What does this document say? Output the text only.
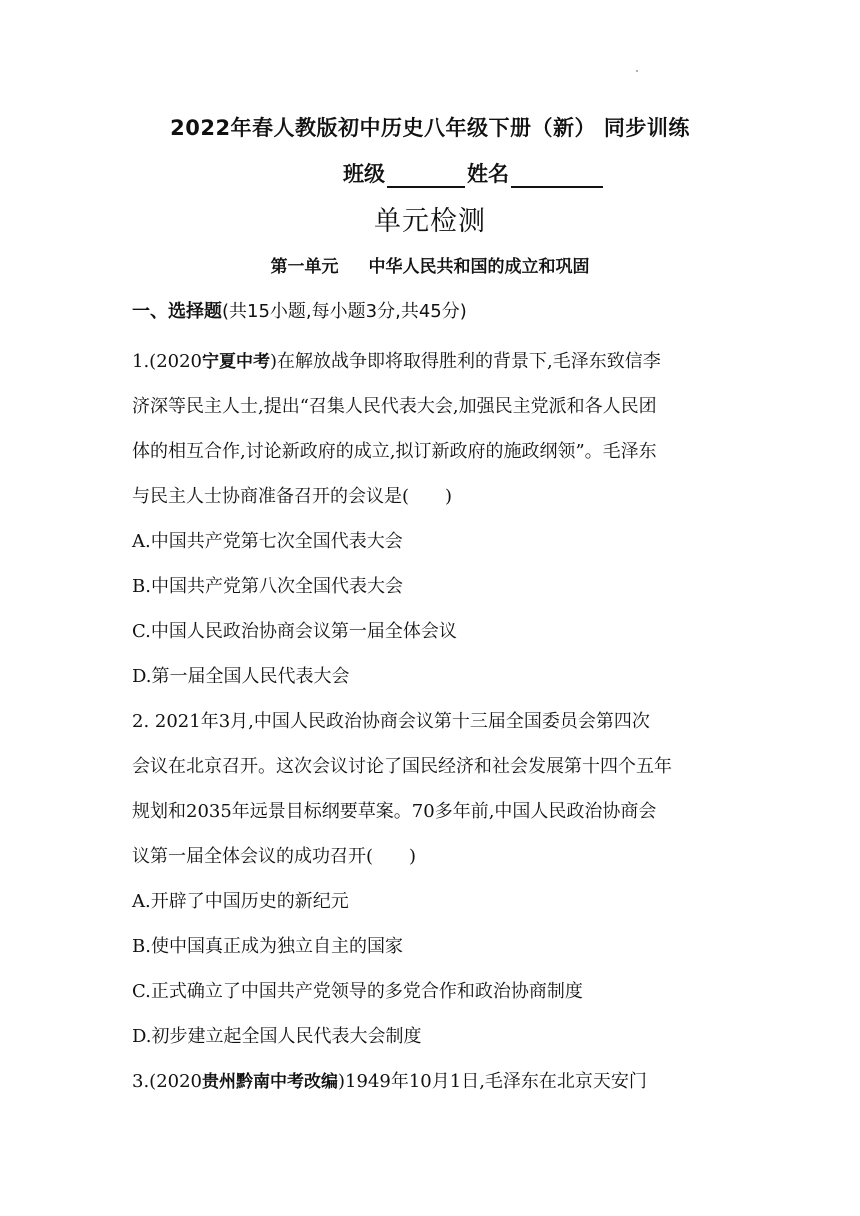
2022年春人教版初中历史八年级下册（新） 同步训练
班级	姓名
单元检测
第一单元 中华人民共和国的成立和巩固
一、选择题(共15小题,每小题3分,共45分)
1.(2020宁夏中考)在解放战争即将取得胜利的背景下,毛泽东致信李
济深等民主人士,提出“召集人民代表大会,加强民主党派和各人民团
体的相互合作,讨论新政府的成立,拟订新政府的施政纲领”。毛泽东
与民主人士协商准备召开的会议是(　　)
A.中国共产党第七次全国代表大会
B.中国共产党第八次全国代表大会
C.中国人民政治协商会议第一届全体会议
D.第一届全国人民代表大会
2. 2021年3月,中国人民政治协商会议第十三届全国委员会第四次
会议在北京召开。这次会议讨论了国民经济和社会发展第十四个五年
规划和2035年远景目标纲要草案。70多年前,中国人民政治协商会
议第一届全体会议的成功召开(　　)
A.开辟了中国历史的新纪元
B.使中国真正成为独立自主的国家
C.正式确立了中国共产党领导的多党合作和政治协商制度
D.初步建立起全国人民代表大会制度
3.(2020贵州黔南中考改编)1949年10月1日,毛泽东在北京天安门
